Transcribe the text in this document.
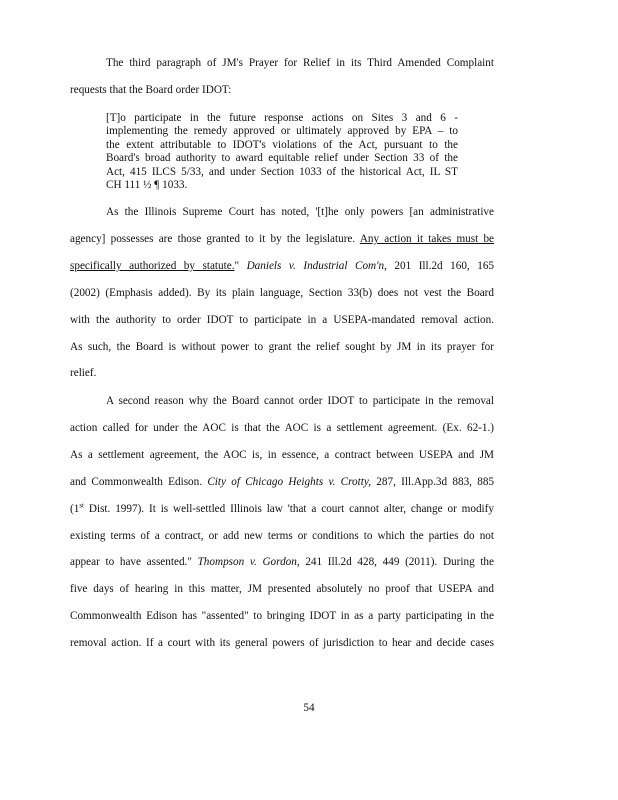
The third paragraph of JM's Prayer for Relief in its Third Amended Complaint
requests that the Board order IDOT:
[T]o participate in the future response actions on Sites 3 and 6 -
implementing the remedy approved or ultimately approved by EPA – to
the extent attributable to IDOT's violations of the Act, pursuant to the
Board's broad authority to award equitable relief under Section 33 of the
Act, 415 ILCS 5/33, and under Section 1033 of the historical Act, IL ST
CH 111 ½ ¶ 1033.
As the Illinois Supreme Court has noted, '[t]he only powers [an administrative
agency] possesses are those granted to it by the legislature. Any action it takes must be
specifically authorized by statute." Daniels v. Industrial Com'n, 201 Ill.2d 160, 165
(2002) (Emphasis added). By its plain language, Section 33(b) does not vest the Board
with the authority to order IDOT to participate in a USEPA-mandated removal action.
As such, the Board is without power to grant the relief sought by JM in its prayer for
relief.
A second reason why the Board cannot order IDOT to participate in the removal
action called for under the AOC is that the AOC is a settlement agreement. (Ex. 62-1.)
As a settlement agreement, the AOC is, in essence, a contract between USEPA and JM
and Commonwealth Edison. City of Chicago Heights v. Crotty, 287, Ill.App.3d 883, 885
(1st Dist. 1997). It is well-settled Illinois law 'that a court cannot alter, change or modify
existing terms of a contract, or add new terms or conditions to which the parties do not
appear to have assented." Thompson v. Gordon, 241 Ill.2d 428, 449 (2011). During the
five days of hearing in this matter, JM presented absolutely no proof that USEPA and
Commonwealth Edison has "assented" to bringing IDOT in as a party participating in the
removal action. If a court with its general powers of jurisdiction to hear and decide cases
54
